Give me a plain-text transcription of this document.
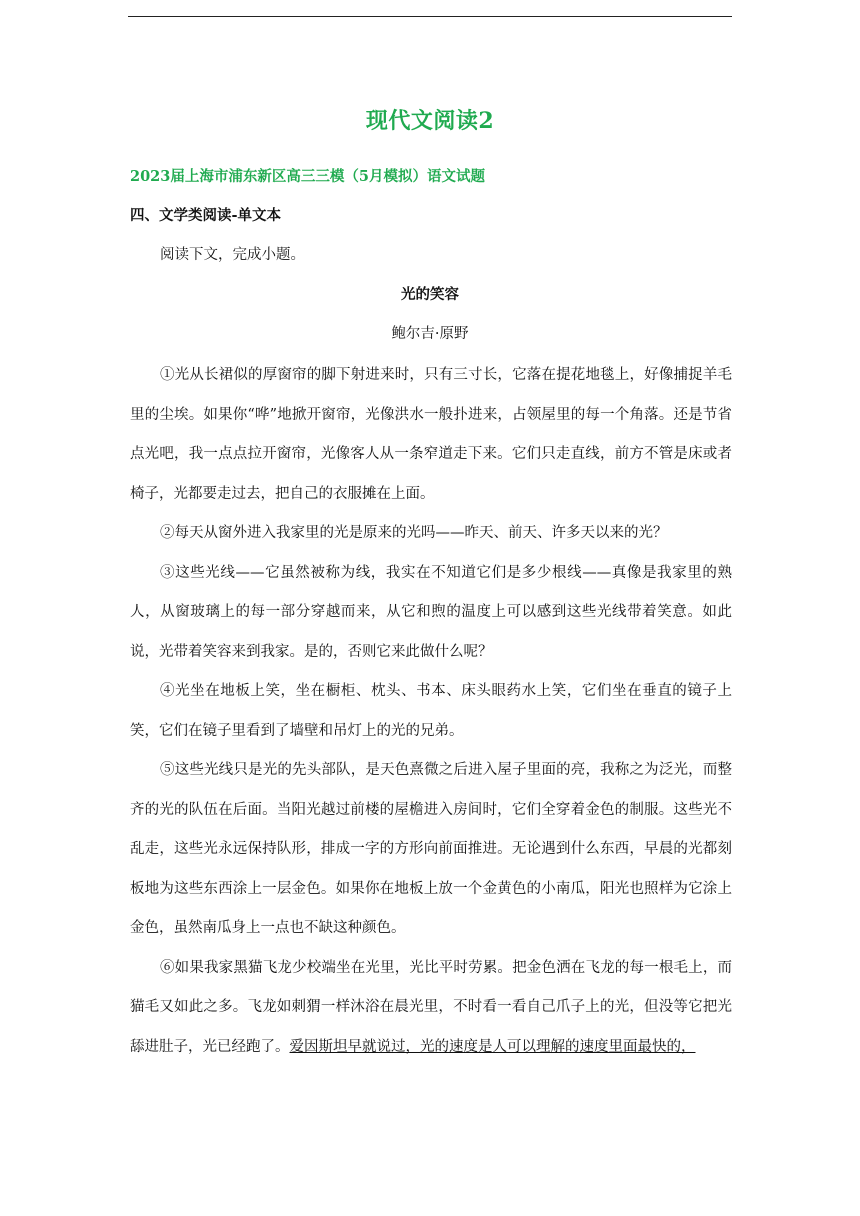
现代文阅读2
2023届上海市浦东新区高三三模（5月模拟）语文试题
四、文学类阅读-单文本
阅读下文，完成小题。
光的笑容
鲍尔吉·原野

①光从长裙似的厚窗帘的脚下射进来时，只有三寸长，它落在提花地毯上，好像捕捉羊毛里的尘埃。如果你“哗”地掀开窗帘，光像洪水一般扑进来，占领屋里的每一个角落。还是节省点光吧，我一点点拉开窗帘，光像客人从一条窄道走下来。它们只走直线，前方不管是床或者椅子，光都要走过去，把自己的衣服摊在上面。

②每天从窗外进入我家里的光是原来的光吗——昨天、前天、许多天以来的光？

③这些光线——它虽然被称为线，我实在不知道它们是多少根线——真像是我家里的熟人，从窗玻璃上的每一部分穿越而来，从它和煦的温度上可以感到这些光线带着笑意。如此说，光带着笑容来到我家。是的，否则它来此做什么呢？

④光坐在地板上笑，坐在橱柜、枕头、书本、床头眼药水上笑，它们坐在垂直的镜子上笑，它们在镜子里看到了墙壁和吊灯上的光的兄弟。

⑤这些光线只是光的先头部队，是天色熹微之后进入屋子里面的亮，我称之为泛光，而整齐的光的队伍在后面。当阳光越过前楼的屋檐进入房间时，它们全穿着金色的制服。这些光不乱走，这些光永远保持队形，排成一字的方形向前面推进。无论遇到什么东西，早晨的光都刻板地为这些东西涂上一层金色。如果你在地板上放一个金黄色的小南瓜，阳光也照样为它涂上金色，虽然南瓜身上一点也不缺这种颜色。

⑥如果我家黑猫飞龙少校端坐在光里，光比平时劳累。把金色洒在飞龙的每一根毛上，而猫毛又如此之多。飞龙如刺猬一样沐浴在晨光里，不时看一看自己爪子上的光，但没等它把光舔进肚子，光已经跑了。爱因斯坦早就说过，光的速度是人可以理解的速度里面最快的，
